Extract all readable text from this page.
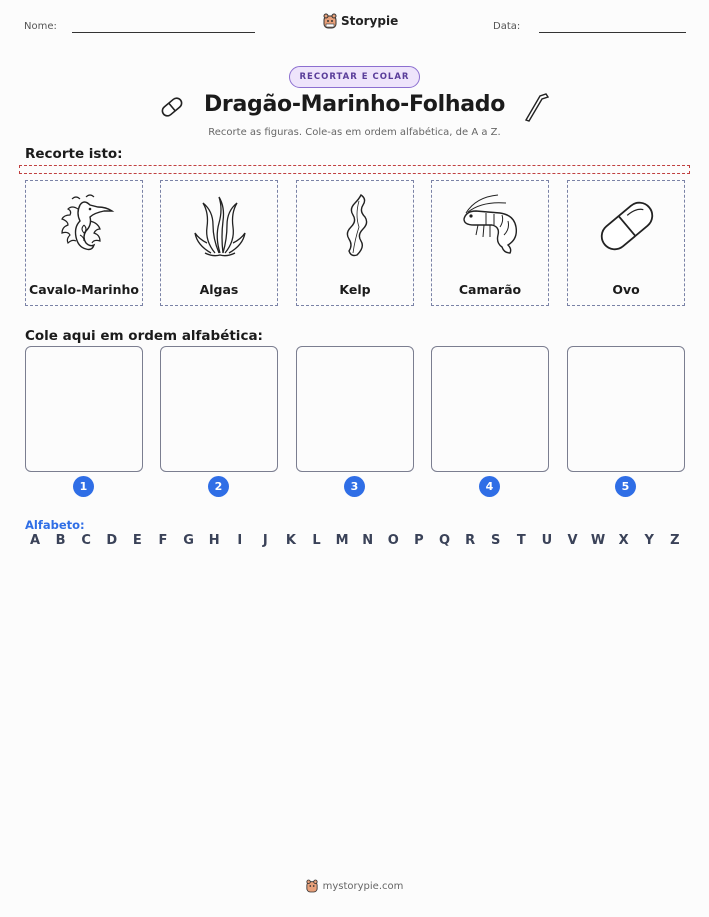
Nome:	Storypie	Data:
RECORTAR E COLAR
Dragão-Marinho-Folhado
Recorte as figuras. Cole-as em ordem alfabética, de A a Z.
Recorte isto:
Cavalo-Marinho	Algas	Kelp	Camarão	Ovo
Cole aqui em ordem alfabética:
1	2	3	4	5
Alfabeto:
A	B	C	D	E	F	G	H	I	J	K	L	M	N	O	P	Q	R	S	T	U	V	W	X	Y	Z
mystorypie.com
